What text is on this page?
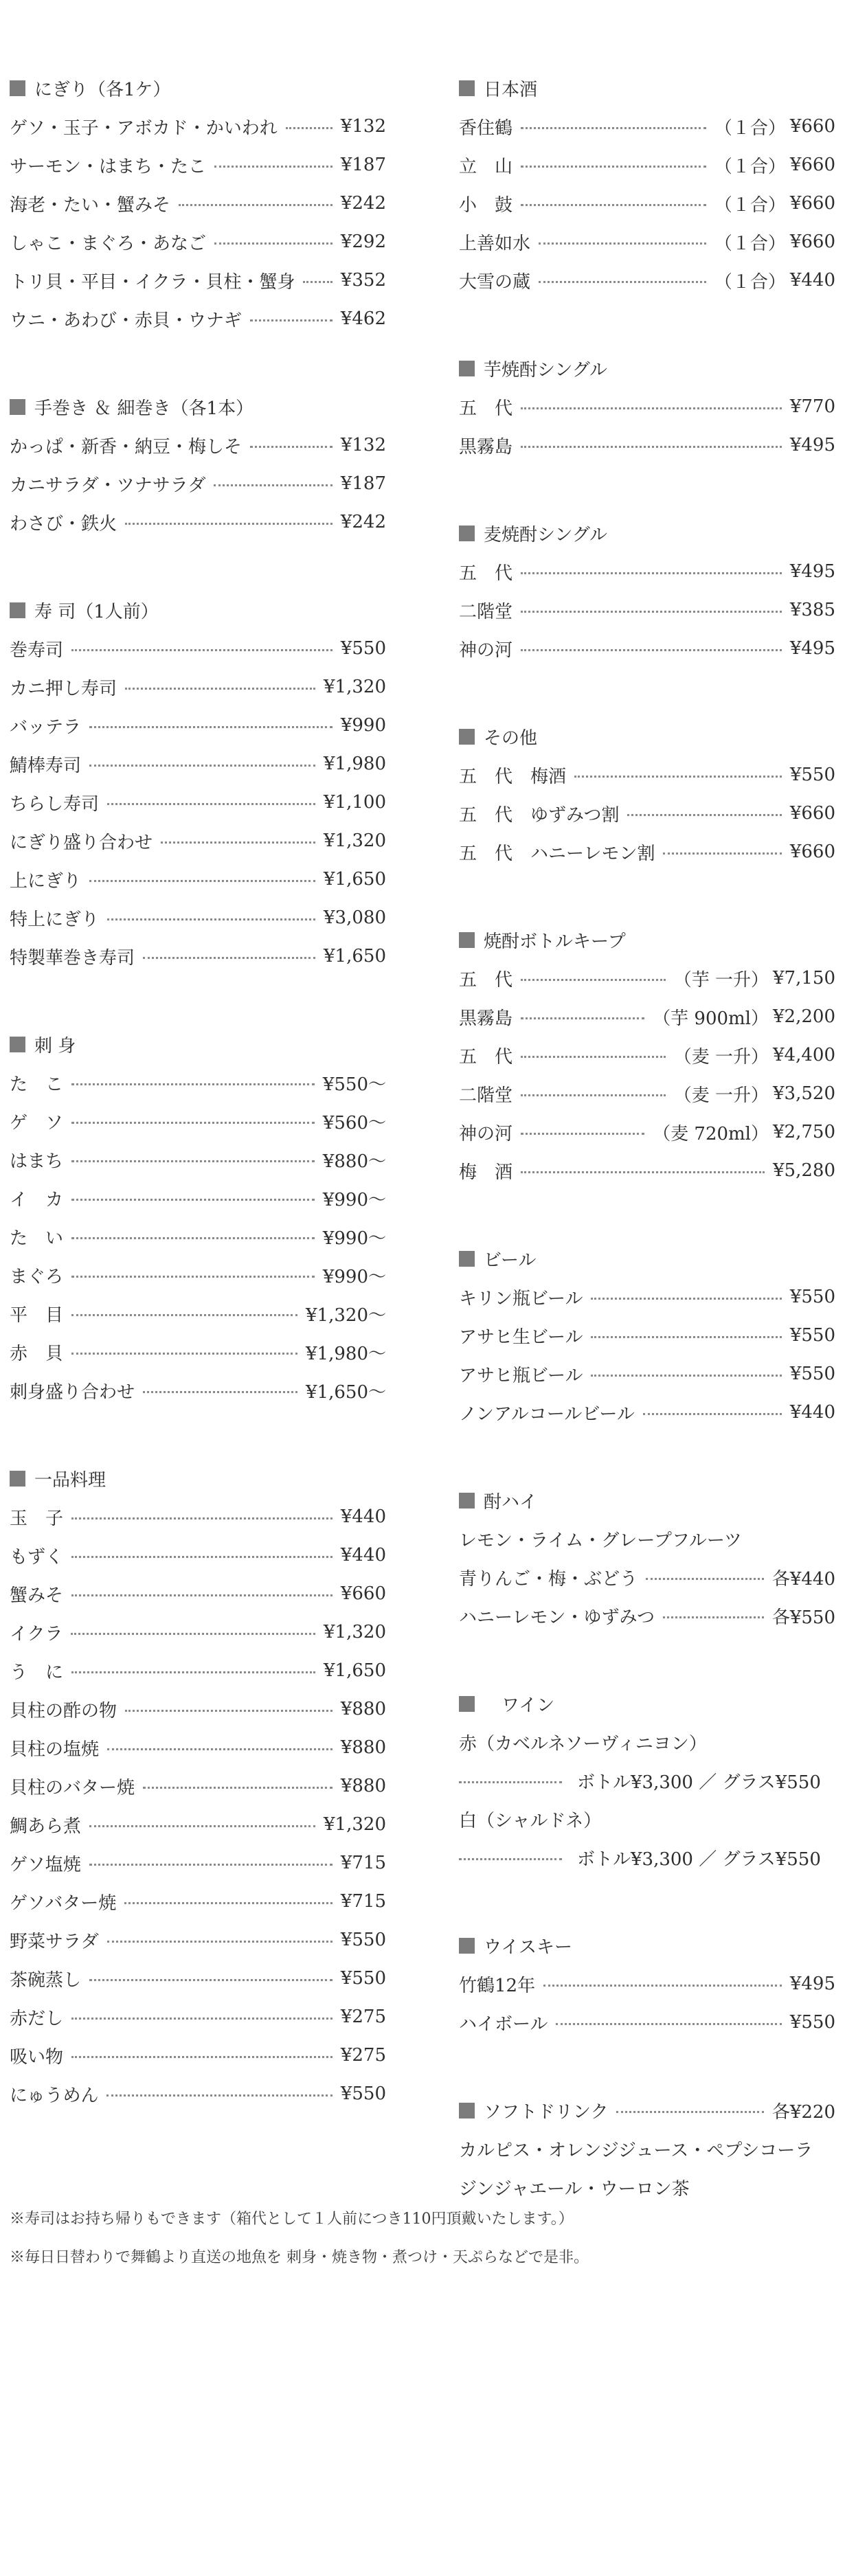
にぎり（各1ケ）
ゲソ・玉子・アボカド・かいわれ	¥132
サーモン・はまち・たこ	¥187
海老・たい・蟹みそ	¥242
しゃこ・まぐろ・あなご	¥292
トリ貝・平目・イクラ・貝柱・蟹身	¥352
ウニ・あわび・赤貝・ウナギ	¥462
手巻き ＆ 細巻き（各1本）
かっぱ・新香・納豆・梅しそ	¥132
カニサラダ・ツナサラダ	¥187
わさび・鉄火	¥242
寿 司（1人前）
巻寿司	¥550
カニ押し寿司	¥1,320
バッテラ	¥990
鯖棒寿司	¥1,980
ちらし寿司	¥1,100
にぎり盛り合わせ	¥1,320
上にぎり	¥1,650
特上にぎり	¥3,080
特製華巻き寿司	¥1,650
刺 身
た　こ	¥550～
ゲ　ソ	¥560～
はまち	¥880～
イ　カ	¥990～
た　い	¥990～
まぐろ	¥990～
平　目	¥1,320～
赤　貝	¥1,980～
刺身盛り合わせ	¥1,650～
一品料理
玉　子	¥440
もずく	¥440
蟹みそ	¥660
イクラ	¥1,320
う　に	¥1,650
貝柱の酢の物	¥880
貝柱の塩焼	¥880
貝柱のバター焼	¥880
鯛あら煮	¥1,320
ゲソ塩焼	¥715
ゲソバター焼	¥715
野菜サラダ	¥550
茶碗蒸し	¥550
赤だし	¥275
吸い物	¥275
にゅうめん	¥550
日本酒
香住鶴	（１合） ¥660
立　山	（１合） ¥660
小　鼓	（１合） ¥660
上善如水	（１合） ¥660
大雪の蔵	（１合） ¥440
芋焼酎シングル
五　代	¥770
黒霧島	¥495
麦焼酎シングル
五　代	¥495
二階堂	¥385
神の河	¥495
その他
五　代　梅酒	¥550
五　代　ゆずみつ割	¥660
五　代　ハニーレモン割	¥660
焼酎ボトルキープ
五　代	（芋 一升） ¥7,150
黒霧島	（芋 900ml） ¥2,200
五　代	（麦 一升） ¥4,400
二階堂	（麦 一升） ¥3,520
神の河	（麦 720ml） ¥2,750
梅　酒	¥5,280
ビール
キリン瓶ビール	¥550
アサヒ生ビール	¥550
アサヒ瓶ビール	¥550
ノンアルコールビール	¥440
酎ハイ
レモン・ライム・グレープフルーツ
青りんご・梅・ぶどう	各¥440
ハニーレモン・ゆずみつ	各¥550
　ワイン
赤（カベルネソーヴィニヨン）
ボトル¥3,300 ／ グラス¥550
白（シャルドネ）
ボトル¥3,300 ／ グラス¥550
ウイスキー
竹鶴12年	¥495
ハイボール	¥550
ソフトドリンク	各¥220
カルピス・オレンジジュース・ペプシコーラ
ジンジャエール・ウーロン茶
※寿司はお持ち帰りもできます（箱代として１人前につき110円頂戴いたします。）
※毎日日替わりで舞鶴より直送の地魚を 刺身・焼き物・煮つけ・天ぷらなどで是非。
